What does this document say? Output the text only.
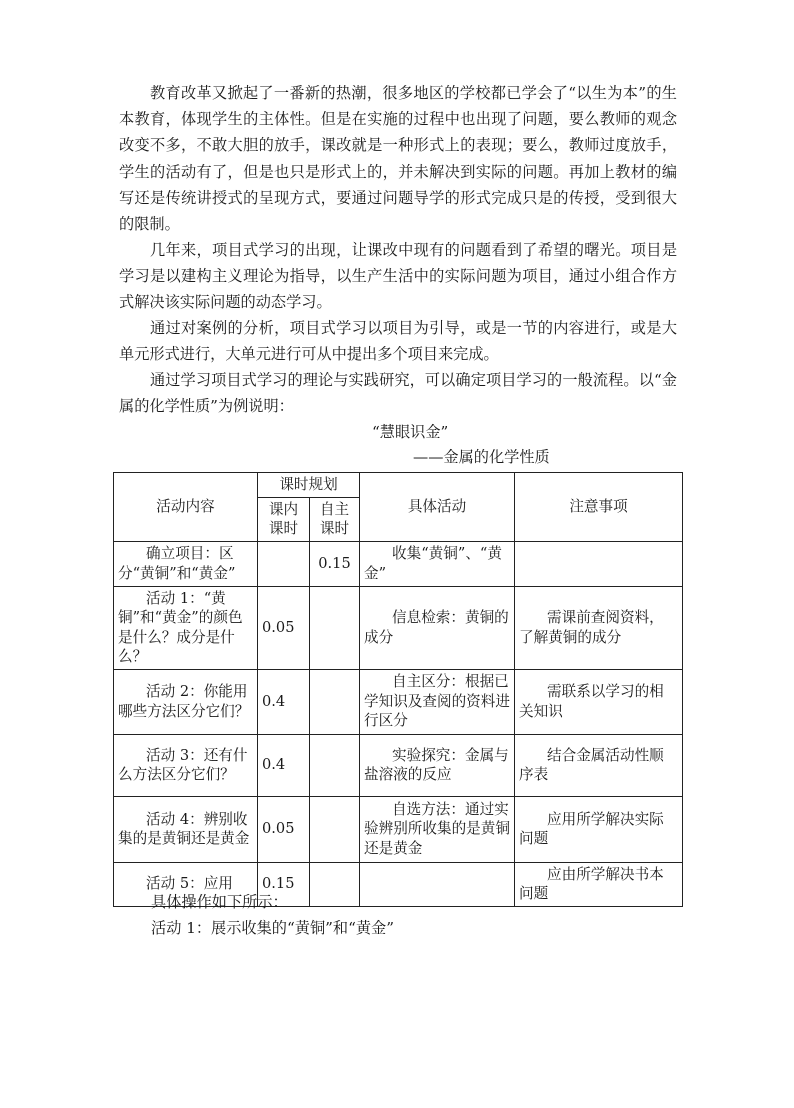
教育改革又掀起了一番新的热潮，很多地区的学校都已学会了“以生为本”的生本教育，体现学生的主体性。但是在实施的过程中也出现了问题，要么教师的观念改变不多，不敢大胆的放手，课改就是一种形式上的表现；要么，教师过度放手，学生的活动有了，但是也只是形式上的，并未解决到实际的问题。再加上教材的编写还是传统讲授式的呈现方式，要通过问题导学的形式完成只是的传授，受到很大的限制。

几年来，项目式学习的出现，让课改中现有的问题看到了希望的曙光。项目是学习是以建构主义理论为指导，以生产生活中的实际问题为项目，通过小组合作方式解决该实际问题的动态学习。

通过对案例的分析，项目式学习以项目为引导，或是一节的内容进行，或是大单元形式进行，大单元进行可从中提出多个项目来完成。

通过学习项目式学习的理论与实践研究，可以确定项目学习的一般流程。以“金属的化学性质”为例说明：

“慧眼识金”

——金属的化学性质

活动内容	课时规划		具体活动	注意事项
	课内课时	自主课时		
确立项目：区分“黄铜”和“黄金”		0.15	收集“黄铜”、“黄金”	
活动 1：“黄铜”和“黄金”的颜色是什么？成分是什么？	0.05		信息检索：黄铜的成分	需课前查阅资料，了解黄铜的成分
活动 2：你能用哪些方法区分它们？	0.4		自主区分：根据已学知识及查阅的资料进行区分	需联系以学习的相关知识
活动 3：还有什么方法区分它们？	0.4		实验探究：金属与盐溶液的反应	结合金属活动性顺序表
活动 4：辨别收集的是黄铜还是黄金	0.05		自选方法：通过实验辨别所收集的是黄铜还是黄金	应用所学解决实际问题
活动 5：应用	0.15			应由所学解决书本问题

具体操作如下所示：

活动 1：展示收集的“黄铜”和“黄金”
